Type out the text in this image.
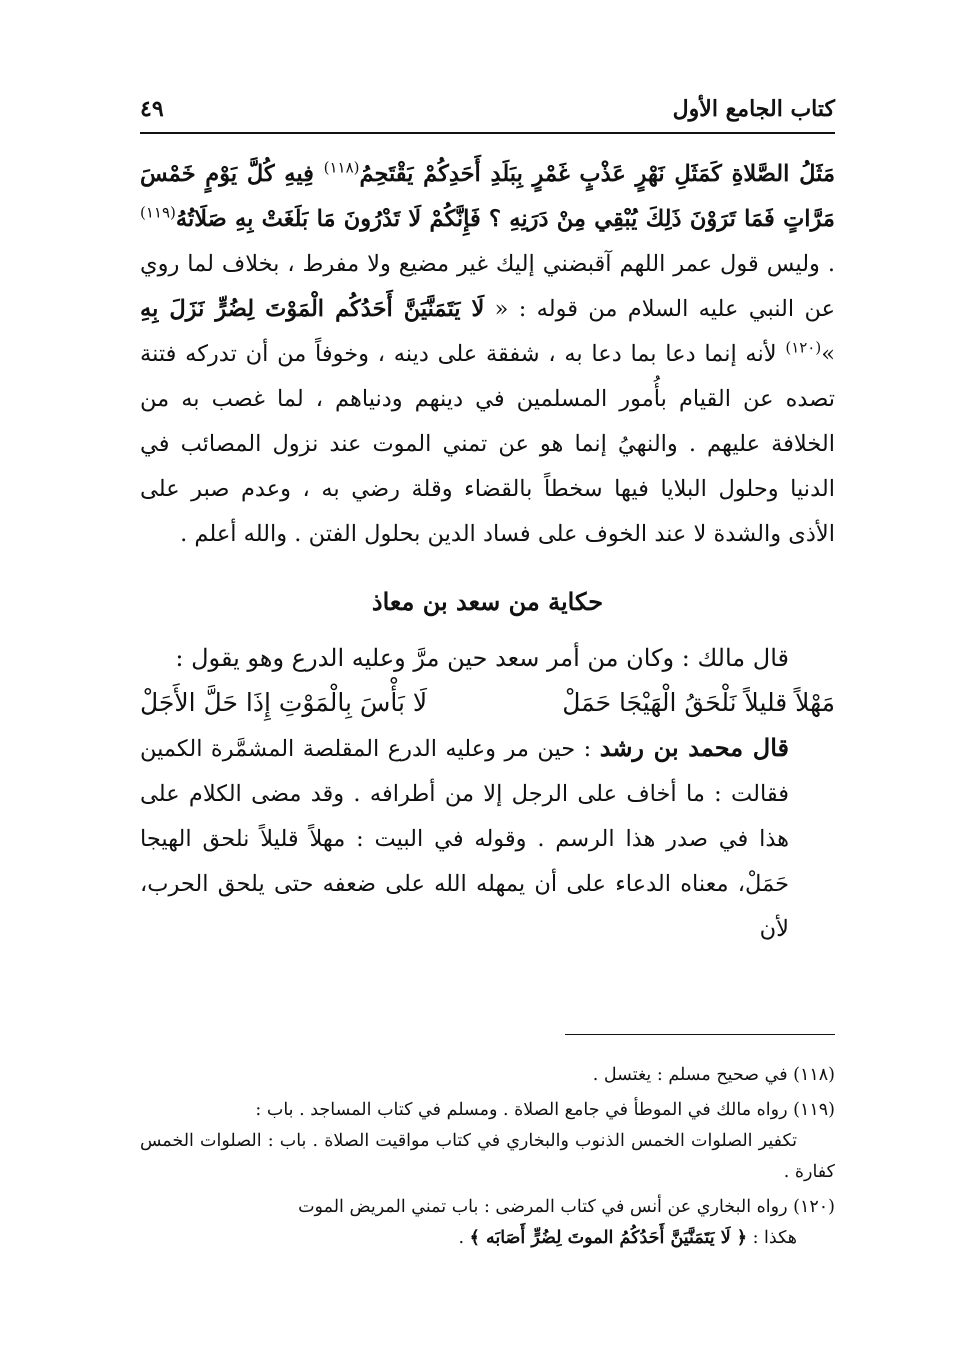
كتاب الجامع الأول
٤٩

مَثَلُ الصَّلاةِ كَمَثَلِ نَهْرٍ عَذْبٍ غَمْرٍ بِبَلَدِ أَحَدِكُمْ يَقْتَحِمُ$^{(١١٨)}$ فِيهِ كُلَّ يَوْمٍ خَمْسَ مَرَّاتٍ فَمَا تَرَوْنَ ذَلِكَ يُبْقِي مِنْ دَرَنِهِ ؟ فَإِنَّكُمْ لَا تَدْرُونَ مَا بَلَغَتْ بِهِ صَلَاتُهُ$^{(١١٩)}$ . وليس قول عمر اللهم آقبضني إليك غير مضيع ولا مفرط ، بخلاف لما روي عن النبي عليه السلام من قوله : « لَا يَتَمَنَّيَنَّ أَحَدُكُم الْمَوْتَ لِضُرٍّ نَزَلَ بِهِ »$^{(١٢٠)}$ لأنه إنما دعا بما دعا به ، شفقة على دينه ، وخوفاً من أن تدركه فتنة تصده عن القيام بأُمور المسلمين في دينهم ودنياهم ، لما غصب به من الخلافة عليهم . والنهيُ إنما هو عن تمني الموت عند نزول المصائب في الدنيا وحلول البلايا فيها سخطاً بالقضاء وقلة رضي به ، وعدم صبر على الأذى والشدة لا عند الخوف على فساد الدين بحلول الفتن . والله أعلم .

حكاية من سعد بن معاذ

قال مالك : وكان من أمر سعد حين مرَّ وعليه الدرع وهو يقول :

مَهْلاً قليلاً نَلْحَقُ الْهَيْجَا حَمَلْ
لَا بَأْسَ بِالْمَوْتِ إِذَا حَلَّ الأَجَلْ

قال محمد بن رشد : حين مر وعليه الدرع المقلصة المشمَّرة الكمين فقالت : ما أخاف على الرجل إلا من أطرافه . وقد مضى الكلام على هذا في صدر هذا الرسم . وقوله في البيت : مهلاً قليلاً نلحق الهيجا حَمَلْ، معناه الدعاء على أن يمهله الله على ضعفه حتى يلحق الحرب، لأن

(١١٨) في صحيح مسلم : يغتسل .

(١١٩) رواه مالك في الموطأ في جامع الصلاة . ومسلم في كتاب المساجد . باب :
تكفير الصلوات الخمس الذنوب والبخاري في كتاب مواقيت الصلاة . باب : الصلوات الخمس كفارة .

(١٢٠) رواه البخاري عن أنس في كتاب المرضى : باب تمني المريض الموت
هكذا : ﴿ لَا يَتَمَنَّيَنَّ أَحَدُكُمُ الموتَ لِضُرٍّ أَصَابَه ﴾ .
